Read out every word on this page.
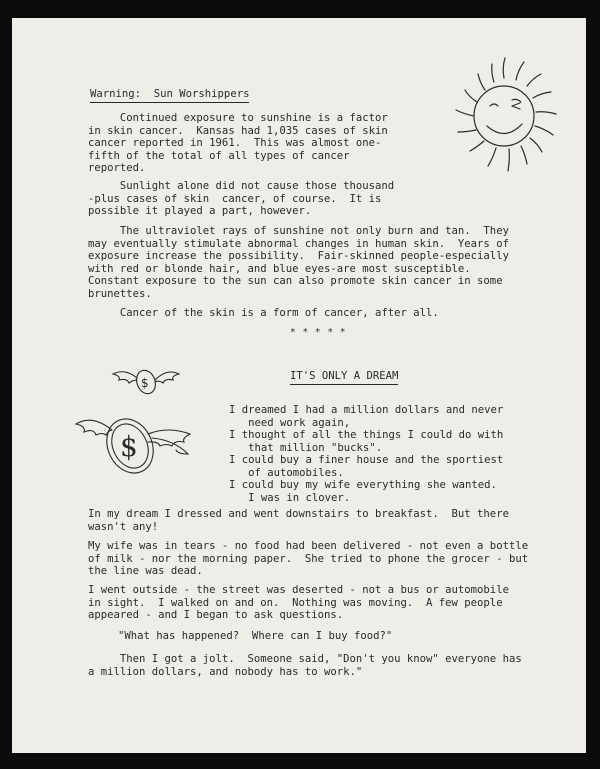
Warning:  Sun Worshippers

Continued exposure to sunshine is a factor
in skin cancer.  Kansas had 1,035 cases of skin
cancer reported in 1961.  This was almost one-
fifth of the total of all types of cancer
reported.

Sunlight alone did not cause those thousand
-plus cases of skin  cancer, of course.  It is
possible it played a part, however.

The ultraviolet rays of sunshine not only burn and tan.  They
may eventually stimulate abnormal changes in human skin.  Years of
exposure increase the possibility.  Fair-skinned people-especially
with red or blonde hair, and blue eyes-are most susceptible.
Constant exposure to the sun can also promote skin cancer in some
brunettes.

Cancer of the skin is a form of cancer, after all.

* * * * *

IT'S ONLY A DREAM

$
$

I dreamed I had a million dollars and never
need work again,
I thought of all the things I could do with
that million "bucks".
I could buy a finer house and the sportiest
of automobiles.
I could buy my wife everything she wanted.
I was in clover.

In my dream I dressed and went downstairs to breakfast.  But there
wasn't any!

My wife was in tears - no food had been delivered - not even a bottle
of milk - nor the morning paper.  She tried to phone the grocer - but
the line was dead.

I went outside - the street was deserted - not a bus or automobile
in sight.  I walked on and on.  Nothing was moving.  A few people
appeared - and I began to ask questions.

"What has happened?  Where can I buy food?"

Then I got a jolt.  Someone said, "Don't you know" everyone has
a million dollars, and nobody has to work."
